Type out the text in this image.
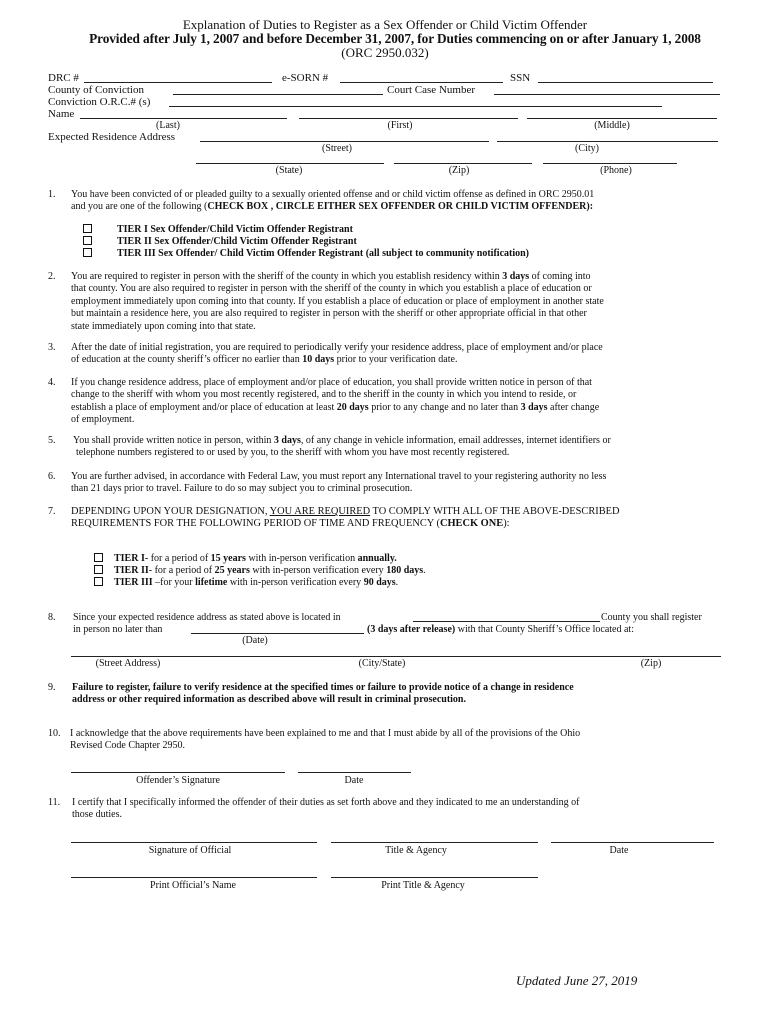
Explanation of Duties to Register as a Sex Offender or Child Victim Offender
Provided after July 1, 2007 and before December 31, 2007, for Duties commencing on or after January 1, 2008
(ORC 2950.032)
DRC #	e-SORN #	SSN
County of Conviction	Court Case Number
Conviction O.R.C.# (s)
Name
(Last)	(First)	(Middle)
Expected Residence Address
(Street)	(City)
(State)	(Zip)	(Phone)
1. You have been convicted of or pleaded guilty to a sexually oriented offense and or child victim offense as defined in ORC 2950.01
and you are one of the following (CHECK BOX , CIRCLE EITHER SEX OFFENDER OR CHILD VICTIM OFFENDER):
TIER I Sex Offender/Child Victim Offender Registrant
TIER II Sex Offender/Child Victim Offender Registrant
TIER III Sex Offender/ Child Victim Offender Registrant (all subject to community notification)
2. You are required to register in person with the sheriff of the county in which you establish residency within 3 days of coming into
that county. You are also required to register in person with the sheriff of the county in which you establish a place of education or
employment immediately upon coming into that county. If you establish a place of education or place of employment in another state
but maintain a residence here, you are also required to register in person with the sheriff or other appropriate official in that other
state immediately upon coming into that state.
3. After the date of initial registration, you are required to periodically verify your residence address, place of employment and/or place
of education at the county sheriff’s officer no earlier than 10 days prior to your verification date.
4. If you change residence address, place of employment and/or place of education, you shall provide written notice in person of that
change to the sheriff with whom you most recently registered, and to the sheriff in the county in which you intend to reside, or
establish a place of employment and/or place of education at least 20 days prior to any change and no later than 3 days after change
of employment.
5. You shall provide written notice in person, within 3 days, of any change in vehicle information, email addresses, internet identifiers or
telephone numbers registered to or used by you, to the sheriff with whom you have most recently registered.
6. You are further advised, in accordance with Federal Law, you must report any International travel to your registering authority no less
than 21 days prior to travel. Failure to do so may subject you to criminal prosecution.
7. DEPENDING UPON YOUR DESIGNATION, YOU ARE REQUIRED TO COMPLY WITH ALL OF THE ABOVE-DESCRIBED
REQUIREMENTS FOR THE FOLLOWING PERIOD OF TIME AND FREQUENCY (CHECK ONE):
TIER I- for a period of 15 years with in-person verification annually.
TIER II- for a period of 25 years with in-person verification every 180 days.
TIER III –for your lifetime with in-person verification every 90 days.
8. Since your expected residence address as stated above is located in	County you shall register
in person no later than	(3 days after release) with that County Sheriff’s Office located at:
(Date)
(Street Address)	(City/State)	(Zip)
9. Failure to register, failure to verify residence at the specified times or failure to provide notice of a change in residence
address or other required information as described above will result in criminal prosecution.
10. I acknowledge that the above requirements have been explained to me and that I must abide by all of the provisions of the Ohio
Revised Code Chapter 2950.
Offender’s Signature	Date
11. I certify that I specifically informed the offender of their duties as set forth above and they indicated to me an understanding of
those duties.
Signature of Official	Title & Agency	Date
Print Official’s Name	Print Title & Agency
Updated June 27, 2019
